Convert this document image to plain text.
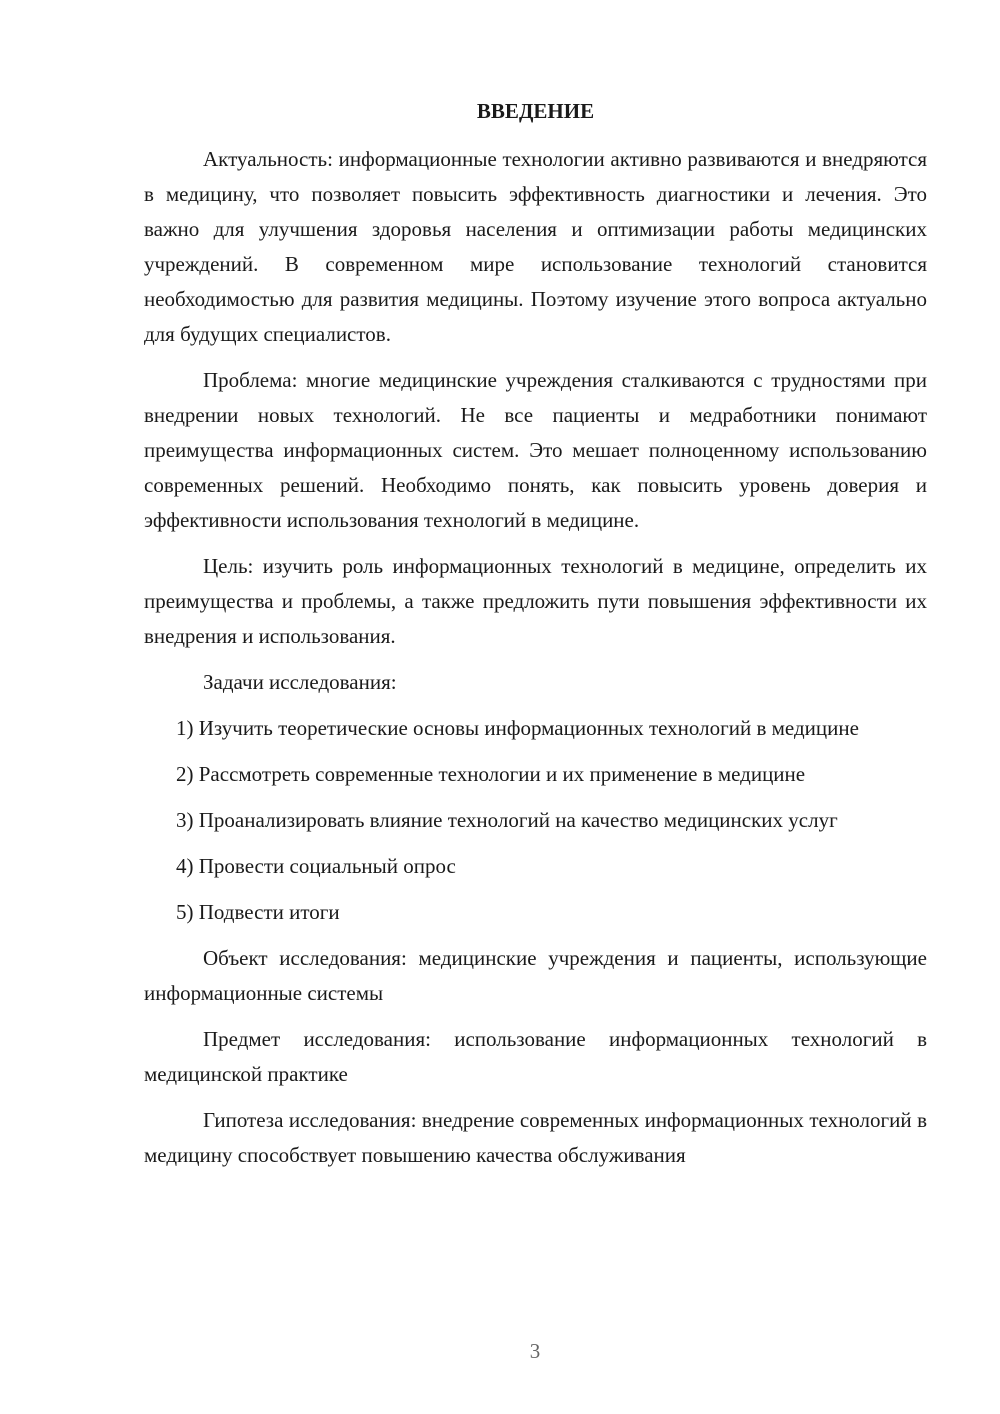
ВВЕДЕНИЕ

Актуальность: информационные технологии активно развиваются и внедряются в медицину, что позволяет повысить эффективность диагностики и лечения. Это важно для улучшения здоровья населения и оптимизации работы медицинских учреждений. В современном мире использование технологий становится необходимостью для развития медицины. Поэтому изучение этого вопроса актуально для будущих специалистов.

Проблема: многие медицинские учреждения сталкиваются с трудностями при внедрении новых технологий. Не все пациенты и медработники понимают преимущества информационных систем. Это мешает полноценному использованию современных решений. Необходимо понять, как повысить уровень доверия и эффективности использования технологий в медицине.

Цель: изучить роль информационных технологий в медицине, определить их преимущества и проблемы, а также предложить пути повышения эффективности их внедрения и использования.

Задачи исследования:

1) Изучить теоретические основы информационных технологий в медицине

2) Рассмотреть современные технологии и их применение в медицине

3) Проанализировать влияние технологий на качество медицинских услуг

4) Провести социальный опрос

5) Подвести итоги

Объект исследования: медицинские учреждения и пациенты, использующие информационные системы

Предмет исследования: использование информационных технологий в медицинской практике

Гипотеза исследования: внедрение современных информационных технологий в медицину способствует повышению качества обслуживания

3
